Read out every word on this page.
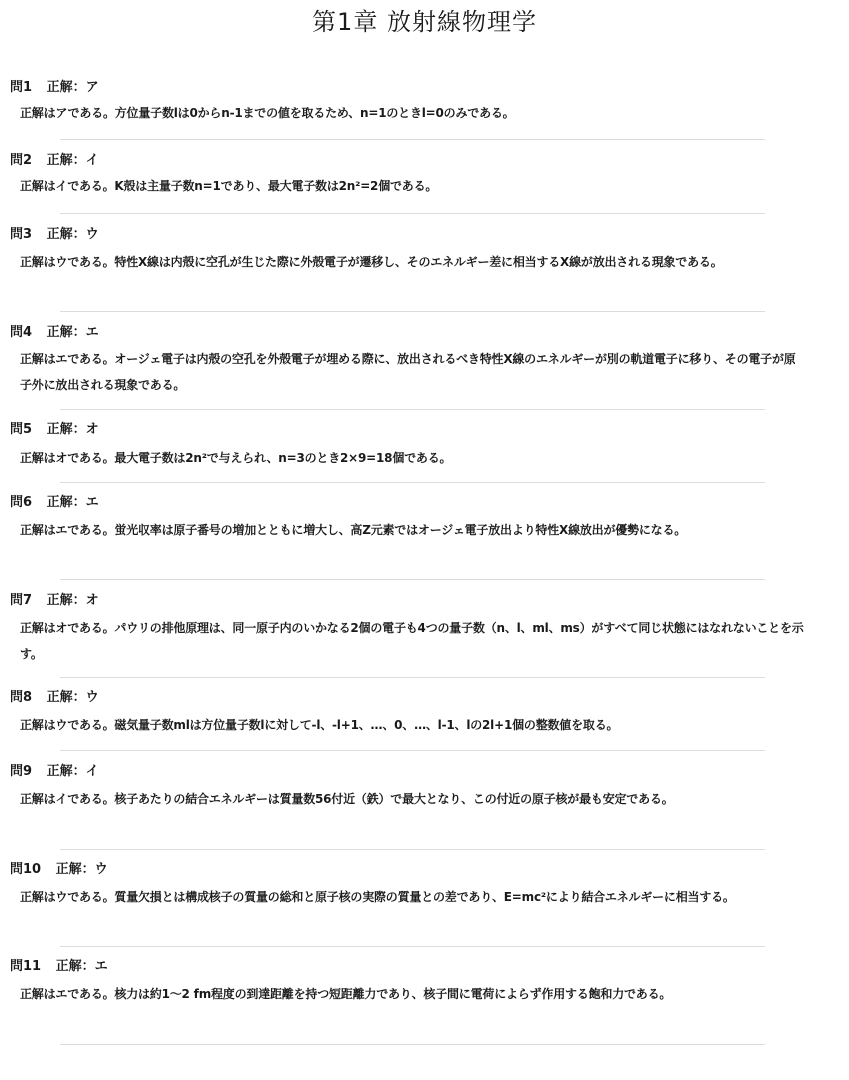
第1章 放射線物理学
問1 正解：ア
正解はアである。方位量子数lは0からn-1までの値を取るため、n=1のときl=0のみである。
問2 正解：イ
正解はイである。K殻は主量子数n=1であり、最大電子数は2n²=2個である。
問3 正解：ウ
正解はウである。特性X線は内殻に空孔が生じた際に外殻電子が遷移し、そのエネルギー差に相当するX線が放出される現象である。
問4 正解：エ
正解はエである。オージェ電子は内殻の空孔を外殻電子が埋める際に、放出されるべき特性X線のエネルギーが別の軌道電子に移り、その電子が原子外に放出される現象である。
問5 正解：オ
正解はオである。最大電子数は2n²で与えられ、n=3のとき2×9=18個である。
問6 正解：エ
正解はエである。蛍光収率は原子番号の増加とともに増大し、高Z元素ではオージェ電子放出より特性X線放出が優勢になる。
問7 正解：オ
正解はオである。パウリの排他原理は、同一原子内のいかなる2個の電子も4つの量子数（n、l、ml、ms）がすべて同じ状態にはなれないことを示す。
問8 正解：ウ
正解はウである。磁気量子数mlは方位量子数lに対して-l、-l+1、…、0、…、l-1、lの2l+1個の整数値を取る。
問9 正解：イ
正解はイである。核子あたりの結合エネルギーは質量数56付近（鉄）で最大となり、この付近の原子核が最も安定である。
問10 正解：ウ
正解はウである。質量欠損とは構成核子の質量の総和と原子核の実際の質量との差であり、E=mc²により結合エネルギーに相当する。
問11 正解：エ
正解はエである。核力は約1〜2 fm程度の到達距離を持つ短距離力であり、核子間に電荷によらず作用する飽和力である。
